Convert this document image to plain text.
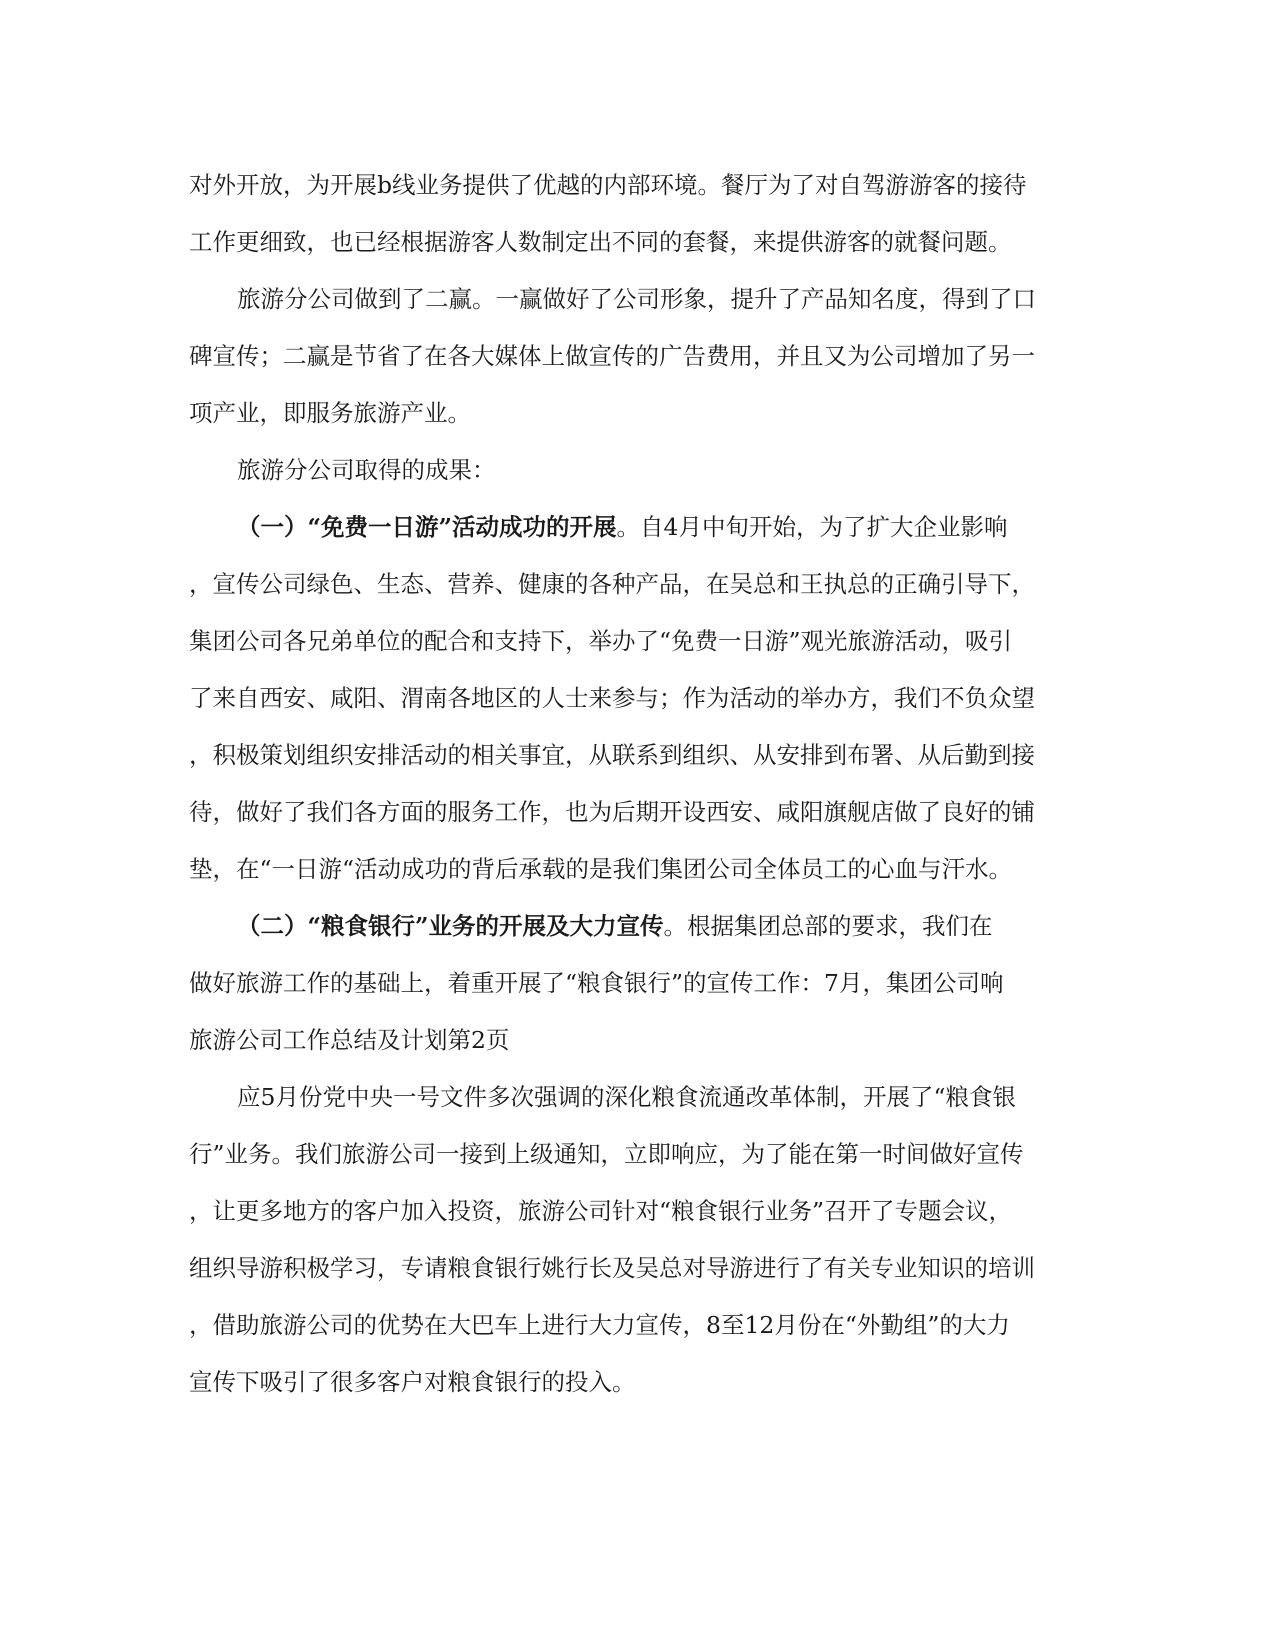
对外开放，为开展b线业务提供了优越的内部环境。餐厅为了对自驾游游客的接待
工作更细致，也已经根据游客人数制定出不同的套餐，来提供游客的就餐问题。
旅游分公司做到了二赢。一赢做好了公司形象，提升了产品知名度，得到了口
碑宣传；二赢是节省了在各大媒体上做宣传的广告费用，并且又为公司增加了另一
项产业，即服务旅游产业。
旅游分公司取得的成果：
（一）“免费一日游”活动成功的开展。自4月中旬开始，为了扩大企业影响
，宣传公司绿色、生态、营养、健康的各种产品，在吴总和王执总的正确引导下，
集团公司各兄弟单位的配合和支持下，举办了“免费一日游”观光旅游活动，吸引
了来自西安、咸阳、渭南各地区的人士来参与；作为活动的举办方，我们不负众望
，积极策划组织安排活动的相关事宜，从联系到组织、从安排到布署、从后勤到接
待，做好了我们各方面的服务工作，也为后期开设西安、咸阳旗舰店做了良好的铺
垫，在“一日游“活动成功的背后承载的是我们集团公司全体员工的心血与汗水。
（二）“粮食银行”业务的开展及大力宣传。根据集团总部的要求，我们在
做好旅游工作的基础上，着重开展了“粮食银行”的宣传工作：7月，集团公司响
旅游公司工作总结及计划第2页
应5月份党中央一号文件多次强调的深化粮食流通改革体制，开展了“粮食银
行”业务。我们旅游公司一接到上级通知，立即响应，为了能在第一时间做好宣传
，让更多地方的客户加入投资，旅游公司针对“粮食银行业务”召开了专题会议，
组织导游积极学习，专请粮食银行姚行长及吴总对导游进行了有关专业知识的培训
，借助旅游公司的优势在大巴车上进行大力宣传，8至12月份在“外勤组”的大力
宣传下吸引了很多客户对粮食银行的投入。
